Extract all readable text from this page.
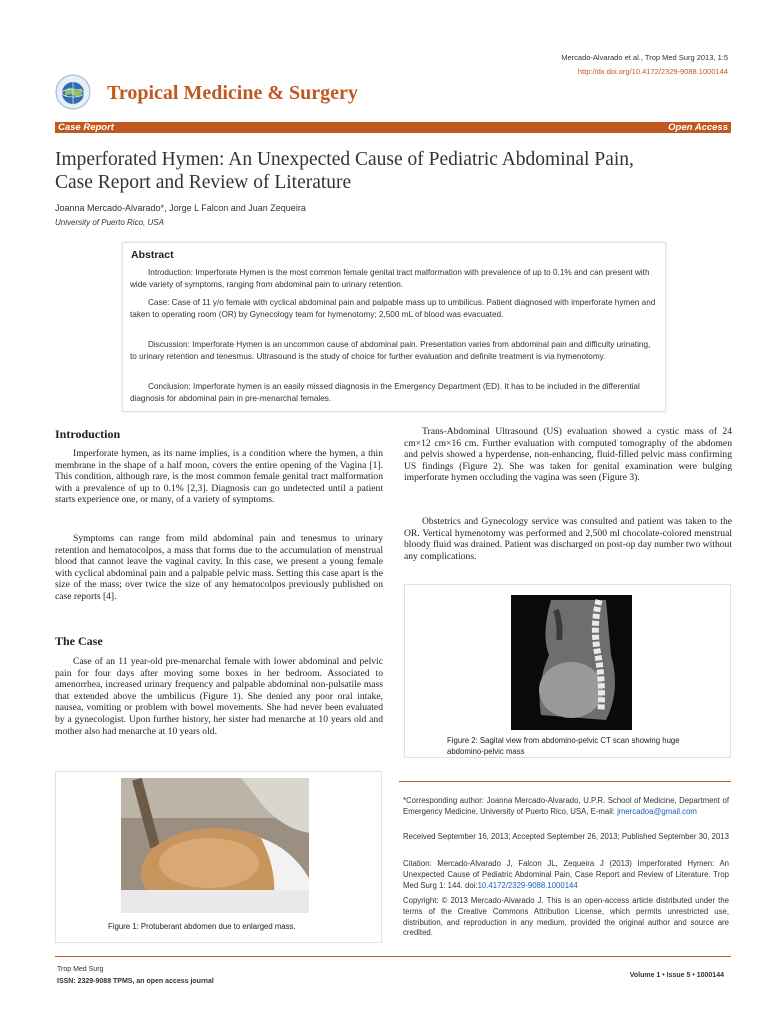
Mercado-Alvarado et al., Trop Med Surg 2013, 1:5
http://dx.doi.org/10.4172/2329-9088.1000144
Tropical Medicine & Surgery
Case Report	Open Access
Imperforated Hymen: An Unexpected Cause of Pediatric Abdominal Pain,
Case Report and Review of Literature
Joanna Mercado-Alvarado*, Jorge L Falcon and Juan Zequeira
University of Puerto Rico, USA
Abstract
Introduction: Imperforate Hymen is the most common female genital tract malformation with prevalence of up to 0.1% and can present with wide variety of symptoms, ranging from abdominal pain to urinary retention.
Case: Case of 11 y/o female with cyclical abdominal pain and palpable mass up to umbilicus. Patient diagnosed with imperforate hymen and taken to operating room (OR) by Gynecology team for hymenotomy; 2,500 mL of blood was evacuated.
Discussion: Imperforate Hymen is an uncommon cause of abdominal pain. Presentation varies from abdominal pain and difficulty urinating, to urinary retention and tenesmus. Ultrasound is the study of choice for further evaluation and definite treatment is via hymenotomy.
Conclusion: Imperforate hymen is an easily missed diagnosis in the Emergency Department (ED). It has to be included in the differential diagnosis for abdominal pain in pre-menarchal females.
Introduction
Imperforate hymen, as its name implies, is a condition where the hymen, a thin membrane in the shape of a half moon, covers the entire opening of the Vagina [1]. This condition, although rare, is the most common female genital tract malformation with a prevalence of up to 0.1% [2,3]. Diagnosis can go undetected until a patient starts experience one, or many, of a variety of symptoms.
Symptoms can range from mild abdominal pain and tenesmus to urinary retention and hematocolpos, a mass that forms due to the accumulation of menstrual blood that cannot leave the vaginal cavity. In this case, we present a young female with cyclical abdominal pain and a palpable pelvic mass. Setting this case apart is the size of the mass; over twice the size of any hematocolpos previously published on case reports [4].
The Case
Case of an 11 year-old pre-menarchal female with lower abdominal and pelvic pain for four days after moving some boxes in her bedroom. Associated to amenorrhea, increased urinary frequency and palpable abdominal non-pulsatile mass that extended above the umbilicus (Figure 1). She denied any poor oral intake, nausea, vomiting or problem with bowel movements. She had never been evaluated by a gynecologist. Upon further history, her sister had menarche at 10 years old and mother also had menarche at 10 years old.
Figure 1: Protuberant abdomen due to enlarged mass.
Trans-Abdominal Ultrasound (US) evaluation showed a cystic mass of 24 cm×12 cm×16 cm. Further evaluation with computed tomography of the abdomen and pelvis showed a hyperdense, non-enhancing, fluid-filled pelvic mass confirming US findings (Figure 2). She was taken for genital examination were bulging imperforate hymen occluding the vagina was seen (Figure 3).
Obstetrics and Gynecology service was consulted and patient was taken to the OR. Vertical hymenotomy was performed and 2,500 ml chocolate-colored menstrual bloody fluid was drained. Patient was discharged on post-op day number two without any complications.
Figure 2: Sagital view from abdomino-pelvic CT scan showing huge abdomino-pelvic mass
*Corresponding author: Joanna Mercado-Alvarado, U.P.R. School of Medicine, Department of Emergency Medicine, University of Puerto Rico, USA, E-mail: jmercadoa@gmail.com
Received September 16, 2013; Accepted September 26, 2013; Published September 30, 2013
Citation: Mercado-Alvarado J, Falcon JL, Zequeira J (2013) Imperforated Hymen: An Unexpected Cause of Pediatric Abdominal Pain, Case Report and Review of Literature. Trop Med Surg 1: 144. doi:10.4172/2329-9088.1000144
Copyright: © 2013 Mercado-Alvarado J. This is an open-access article distributed under the terms of the Creative Commons Attribution License, which permits unrestricted use, distribution, and reproduction in any medium, provided the original author and source are credited.
Trop Med Surg
ISSN: 2329-9088 TPMS, an open access journal
Volume 1 • Issue 5 • 1000144
